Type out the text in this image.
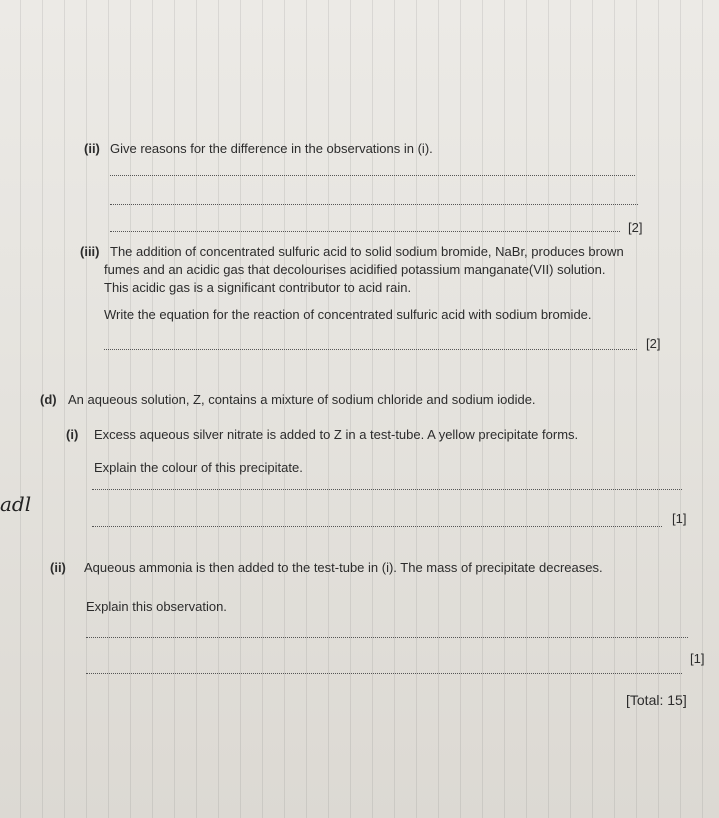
(ii) Give reasons for the difference in the observations in (i).
[2]
(iii) The addition of concentrated sulfuric acid to solid sodium bromide, NaBr, produces brown
fumes and an acidic gas that decolourises acidified potassium manganate(VII) solution.
This acidic gas is a significant contributor to acid rain.
Write the equation for the reaction of concentrated sulfuric acid with sodium bromide.
[2]
(d) An aqueous solution, Z, contains a mixture of sodium chloride and sodium iodide.
(i) Excess aqueous silver nitrate is added to Z in a test-tube. A yellow precipitate forms.
Explain the colour of this precipitate.
adl
[1]
(ii) Aqueous ammonia is then added to the test-tube in (i). The mass of precipitate decreases.
Explain this observation.
[1]
[Total: 15]
